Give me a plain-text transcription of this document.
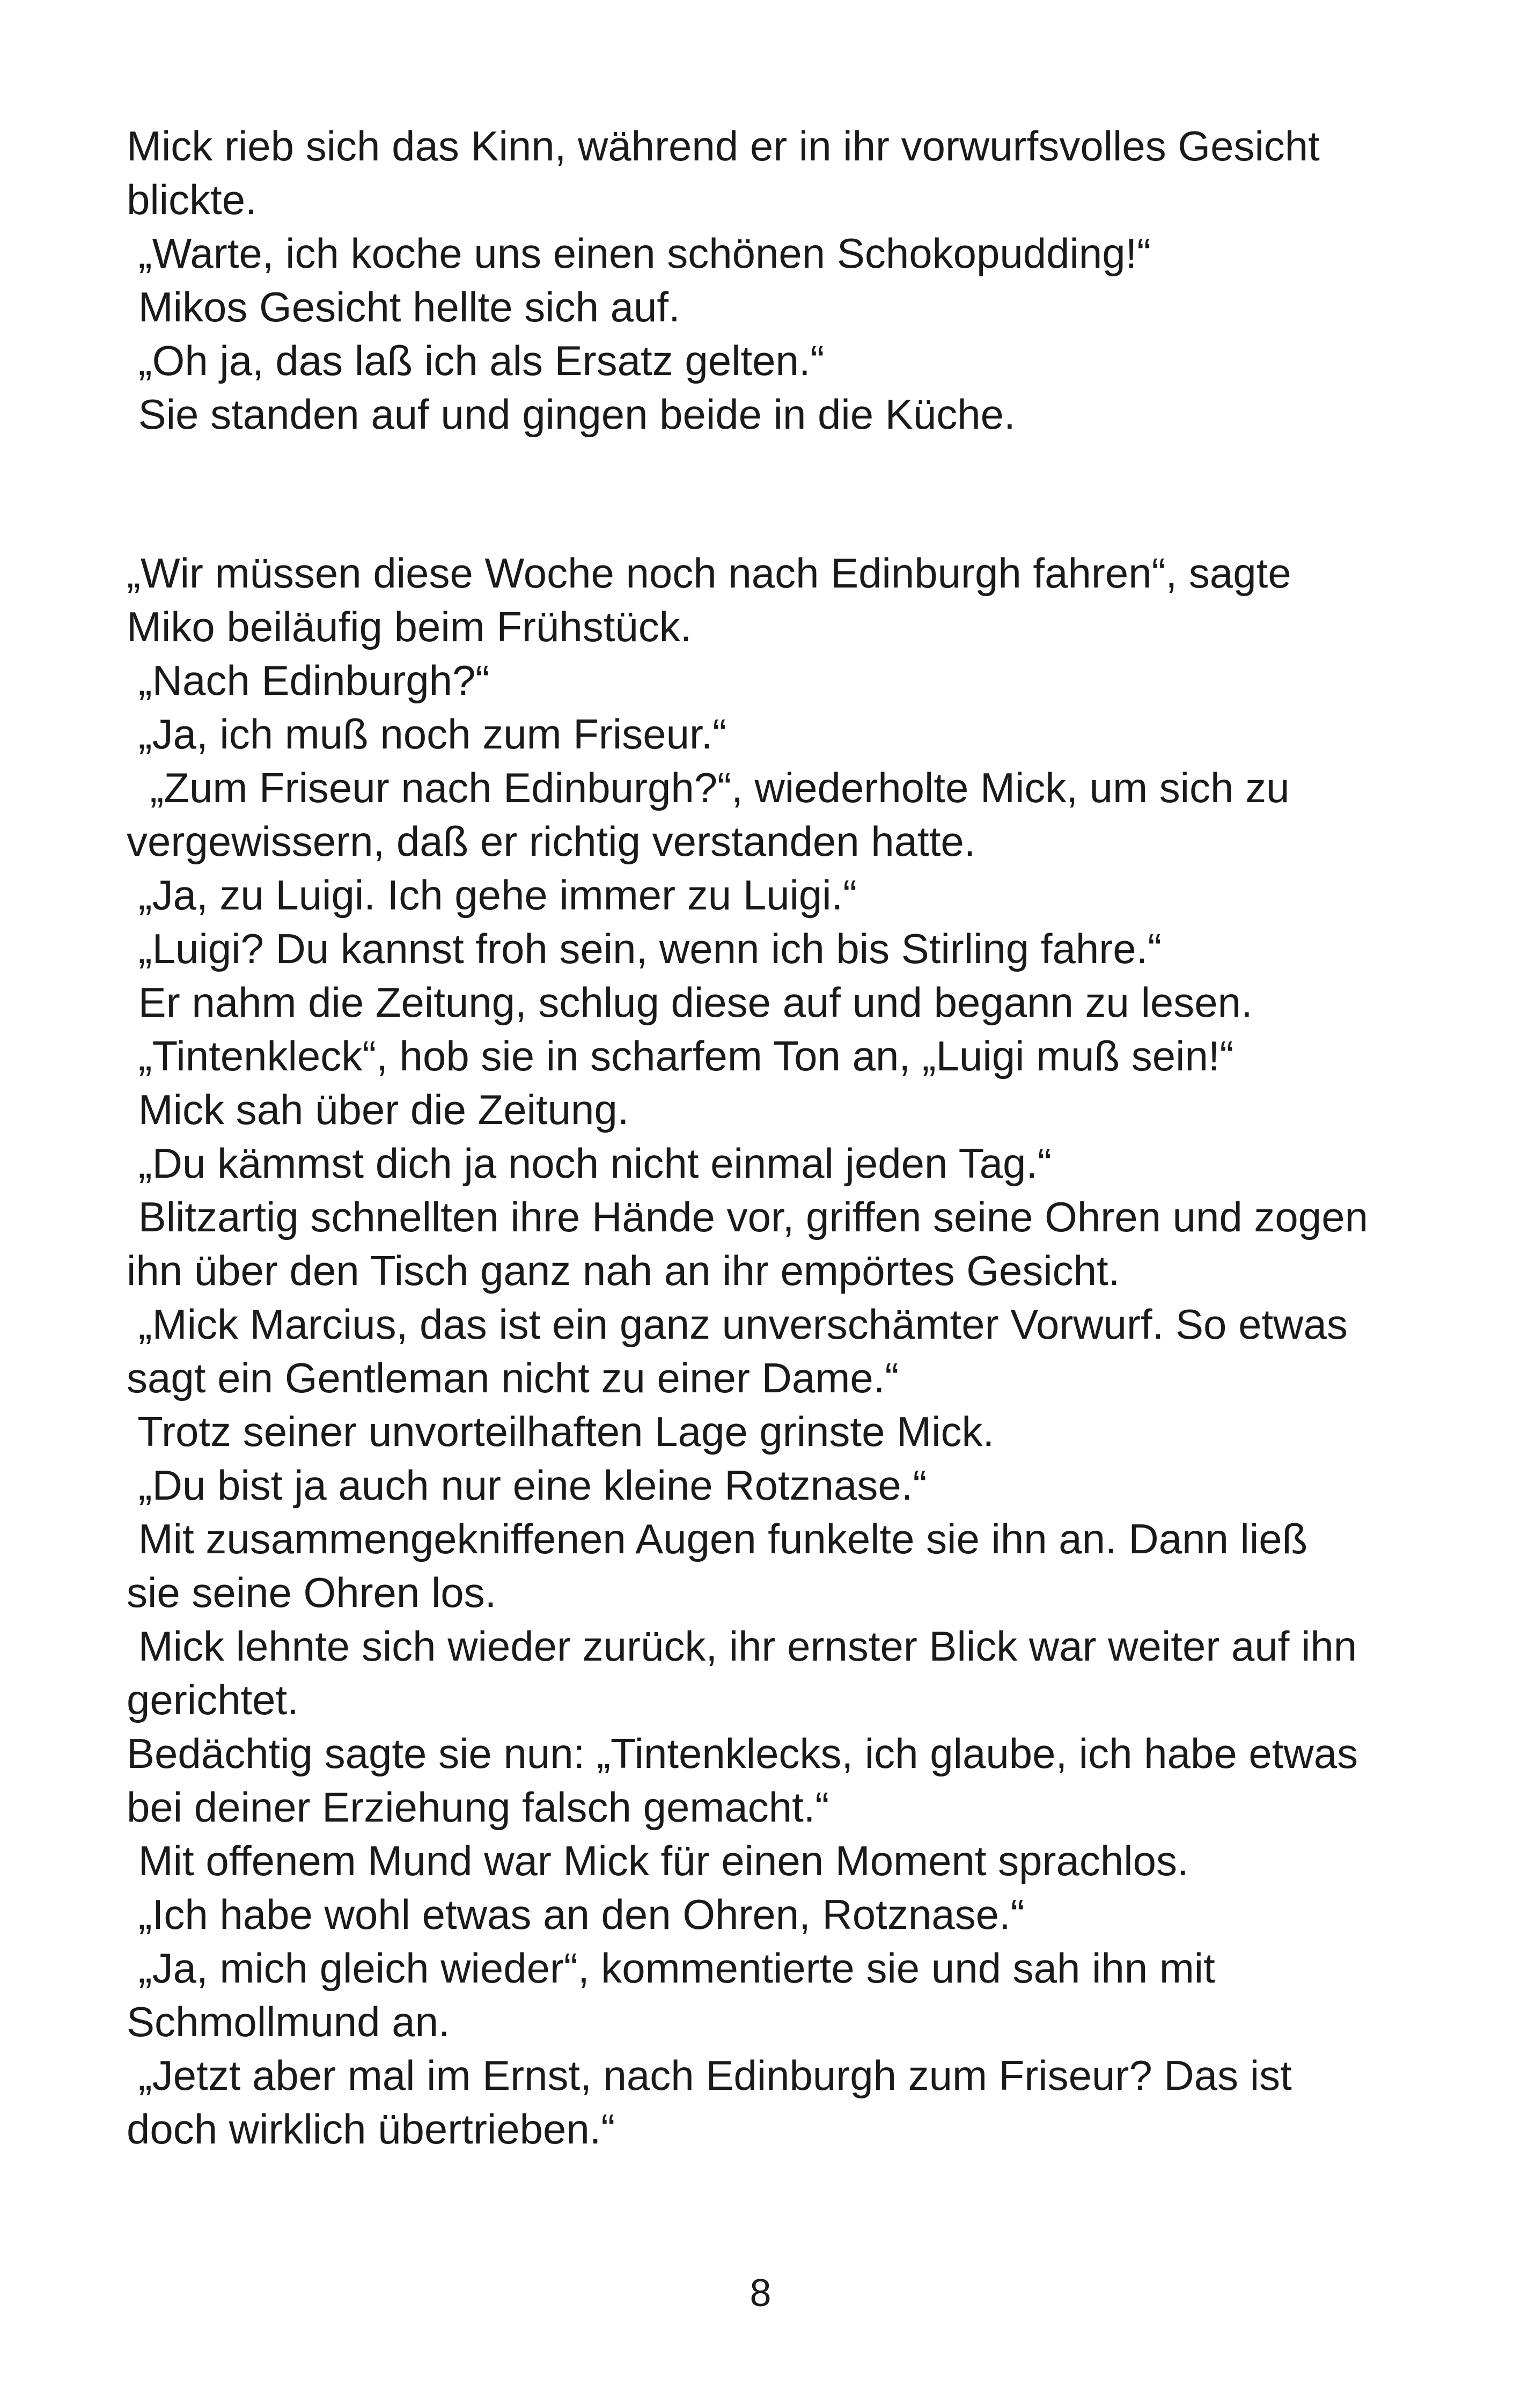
Mick rieb sich das Kinn, während er in ihr vorwurfsvolles Gesicht
blickte.
„Warte, ich koche uns einen schönen Schokopudding!“
Mikos Gesicht hellte sich auf.
„Oh ja, das laß ich als Ersatz gelten.“
Sie standen auf und gingen beide in die Küche.
„Wir müssen diese Woche noch nach Edinburgh fahren“, sagte
Miko beiläufig beim Frühstück.
„Nach Edinburgh?“
„Ja, ich muß noch zum Friseur.“
„Zum Friseur nach Edinburgh?“, wiederholte Mick, um sich zu
vergewissern, daß er richtig verstanden hatte.
„Ja, zu Luigi. Ich gehe immer zu Luigi.“
„Luigi? Du kannst froh sein, wenn ich bis Stirling fahre.“
Er nahm die Zeitung, schlug diese auf und begann zu lesen.
„Tintenkleck“, hob sie in scharfem Ton an, „Luigi muß sein!“
Mick sah über die Zeitung.
„Du kämmst dich ja noch nicht einmal jeden Tag.“
Blitzartig schnellten ihre Hände vor, griffen seine Ohren und zogen
ihn über den Tisch ganz nah an ihr empörtes Gesicht.
„Mick Marcius, das ist ein ganz unverschämter Vorwurf. So etwas
sagt ein Gentleman nicht zu einer Dame.“
Trotz seiner unvorteilhaften Lage grinste Mick.
„Du bist ja auch nur eine kleine Rotznase.“
Mit zusammengekniffenen Augen funkelte sie ihn an. Dann ließ
sie seine Ohren los.
Mick lehnte sich wieder zurück, ihr ernster Blick war weiter auf ihn
gerichtet.
Bedächtig sagte sie nun: „Tintenklecks, ich glaube, ich habe etwas
bei deiner Erziehung falsch gemacht.“
Mit offenem Mund war Mick für einen Moment sprachlos.
„Ich habe wohl etwas an den Ohren, Rotznase.“
„Ja, mich gleich wieder“, kommentierte sie und sah ihn mit
Schmollmund an.
„Jetzt aber mal im Ernst, nach Edinburgh zum Friseur? Das ist
doch wirklich übertrieben.“
8
